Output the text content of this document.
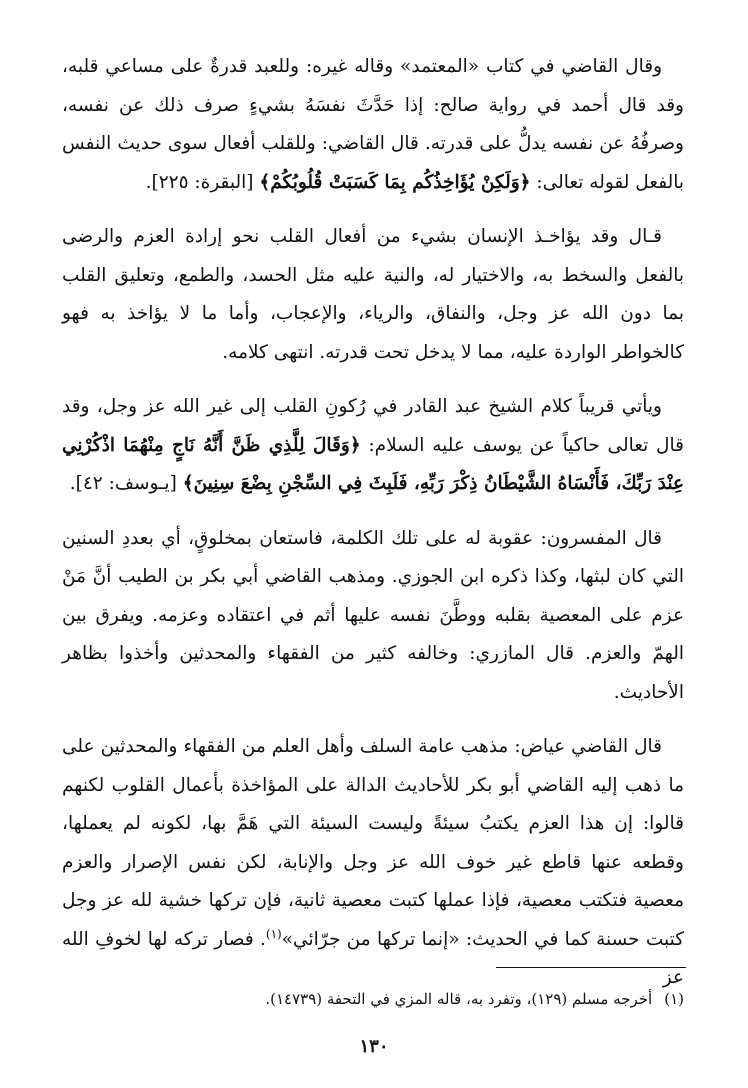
وقال القاضي في كتاب «المعتمد» وقاله غيره: وللعبد قدرةٌ على مساعي قلبه، وقد قال أحمد في رواية صالح: إذا حَدَّثَ نفسَهُ بشيءٍ صرف ذلك عن نفسه، وصرفُهُ عن نفسه يدلُّ على قدرته. قال القاضي: وللقلب أفعال سوى حديث النفس بالفعل لقوله تعالى: ﴿وَلَكِنْ يُؤَاخِذُكُم بِمَا كَسَبَتْ قُلُوبُكُمْ﴾ [البقرة: ٢٢٥].

قـال وقد يؤاخـذ الإنسان بشيء من أفعال القلب نحو إرادة العزم والرضى بالفعل والسخط به، والاختيار له، والنية عليه مثل الحسد، والطمع، وتعليق القلب بما دون الله عز وجل، والنفاق، والرياء، والإعجاب، وأما ما لا يؤاخذ به فهو كالخواطر الواردة عليه، مما لا يدخل تحت قدرته. انتهى كلامه.

ويأتي قريباً كلام الشيخ عبد القادر في رُكونِ القلب إلى غير الله عز وجل، وقد قال تعالى حاكياً عن يوسف عليه السلام: ﴿وَقَالَ لِلَّذِي ظَنَّ أَنَّهُ نَاجٍ مِنْهُمَا اذْكُرْنِي عِنْدَ رَبِّكَ، فَأَنْسَاهُ الشَّيْطَانُ ذِكْرَ رَبِّهِ، فَلَبِثَ فِي السِّجْنِ بِضْعَ سِنِينَ﴾ [يـوسف: ٤٢].

قال المفسرون: عقوبة له على تلك الكلمة، فاستعان بمخلوقٍ، أي بعددِ السنين التي كان لبثها، وكذا ذكره ابن الجوزي. ومذهب القاضي أبي بكر بن الطيب أنَّ مَنْ عزم على المعصية بقلبه ووطَّنَ نفسه عليها أثم في اعتقاده وعزمه. ويفرق بين الهمّ والعزم. قال المازري: وخالفه كثير من الفقهاء والمحدثين وأخذوا بظاهر الأحاديث.

قال القاضي عياض: مذهب عامة السلف وأهل العلم من الفقهاء والمحدثين على ما ذهب إليه القاضي أبو بكر للأحاديث الدالة على المؤاخذة بأعمال القلوب لكنهم قالوا: إن هذا العزم يكتبُ سيئةً وليست السيئة التي هَمَّ بها، لكونه لم يعملها، وقطعه عنها قاطع غير خوف الله عز وجل والإنابة، لكن نفس الإصرار والعزم معصية فتكتب معصية، فإذا عملها كتبت معصية ثانية، فإن تركها خشية لله عز وجل كتبت حسنة كما في الحديث: «إنما تركها من جرّائي»$^{(١)}$. فصار تركه لها لخوفِ الله عز

(١)أخرجه مسلم (١٢٩)، وتفرد به، قاله المزي في التحفة (١٤٧٣٩).
١٣٠
